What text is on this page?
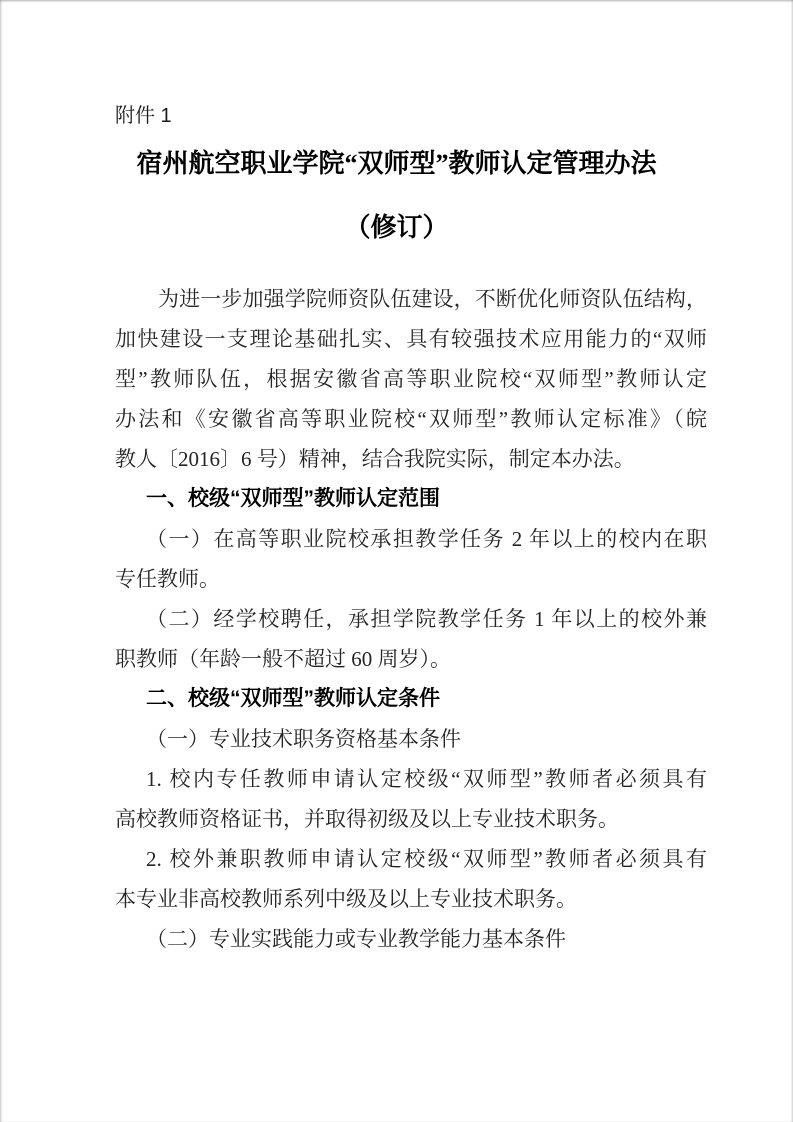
附件 1
宿州航空职业学院“双师型”教师认定管理办法
（修订）
为进一步加强学院师资队伍建设，不断优化师资队伍结构，
加快建设一支理论基础扎实、具有较强技术应用能力的“双师
型”教师队伍，根据安徽省高等职业院校“双师型”教师认定
办法和《安徽省高等职业院校“双师型”教师认定标准》（皖
教人〔2016〕6 号）精神，结合我院实际，制定本办法。
一、校级“双师型”教师认定范围
（一）在高等职业院校承担教学任务 2 年以上的校内在职
专任教师。
（二）经学校聘任，承担学院教学任务 1 年以上的校外兼
职教师（年龄一般不超过 60 周岁）。
二、校级“双师型”教师认定条件
（一）专业技术职务资格基本条件
1. 校内专任教师申请认定校级“双师型”教师者必须具有
高校教师资格证书，并取得初级及以上专业技术职务。
2. 校外兼职教师申请认定校级“双师型”教师者必须具有
本专业非高校教师系列中级及以上专业技术职务。
（二）专业实践能力或专业教学能力基本条件
